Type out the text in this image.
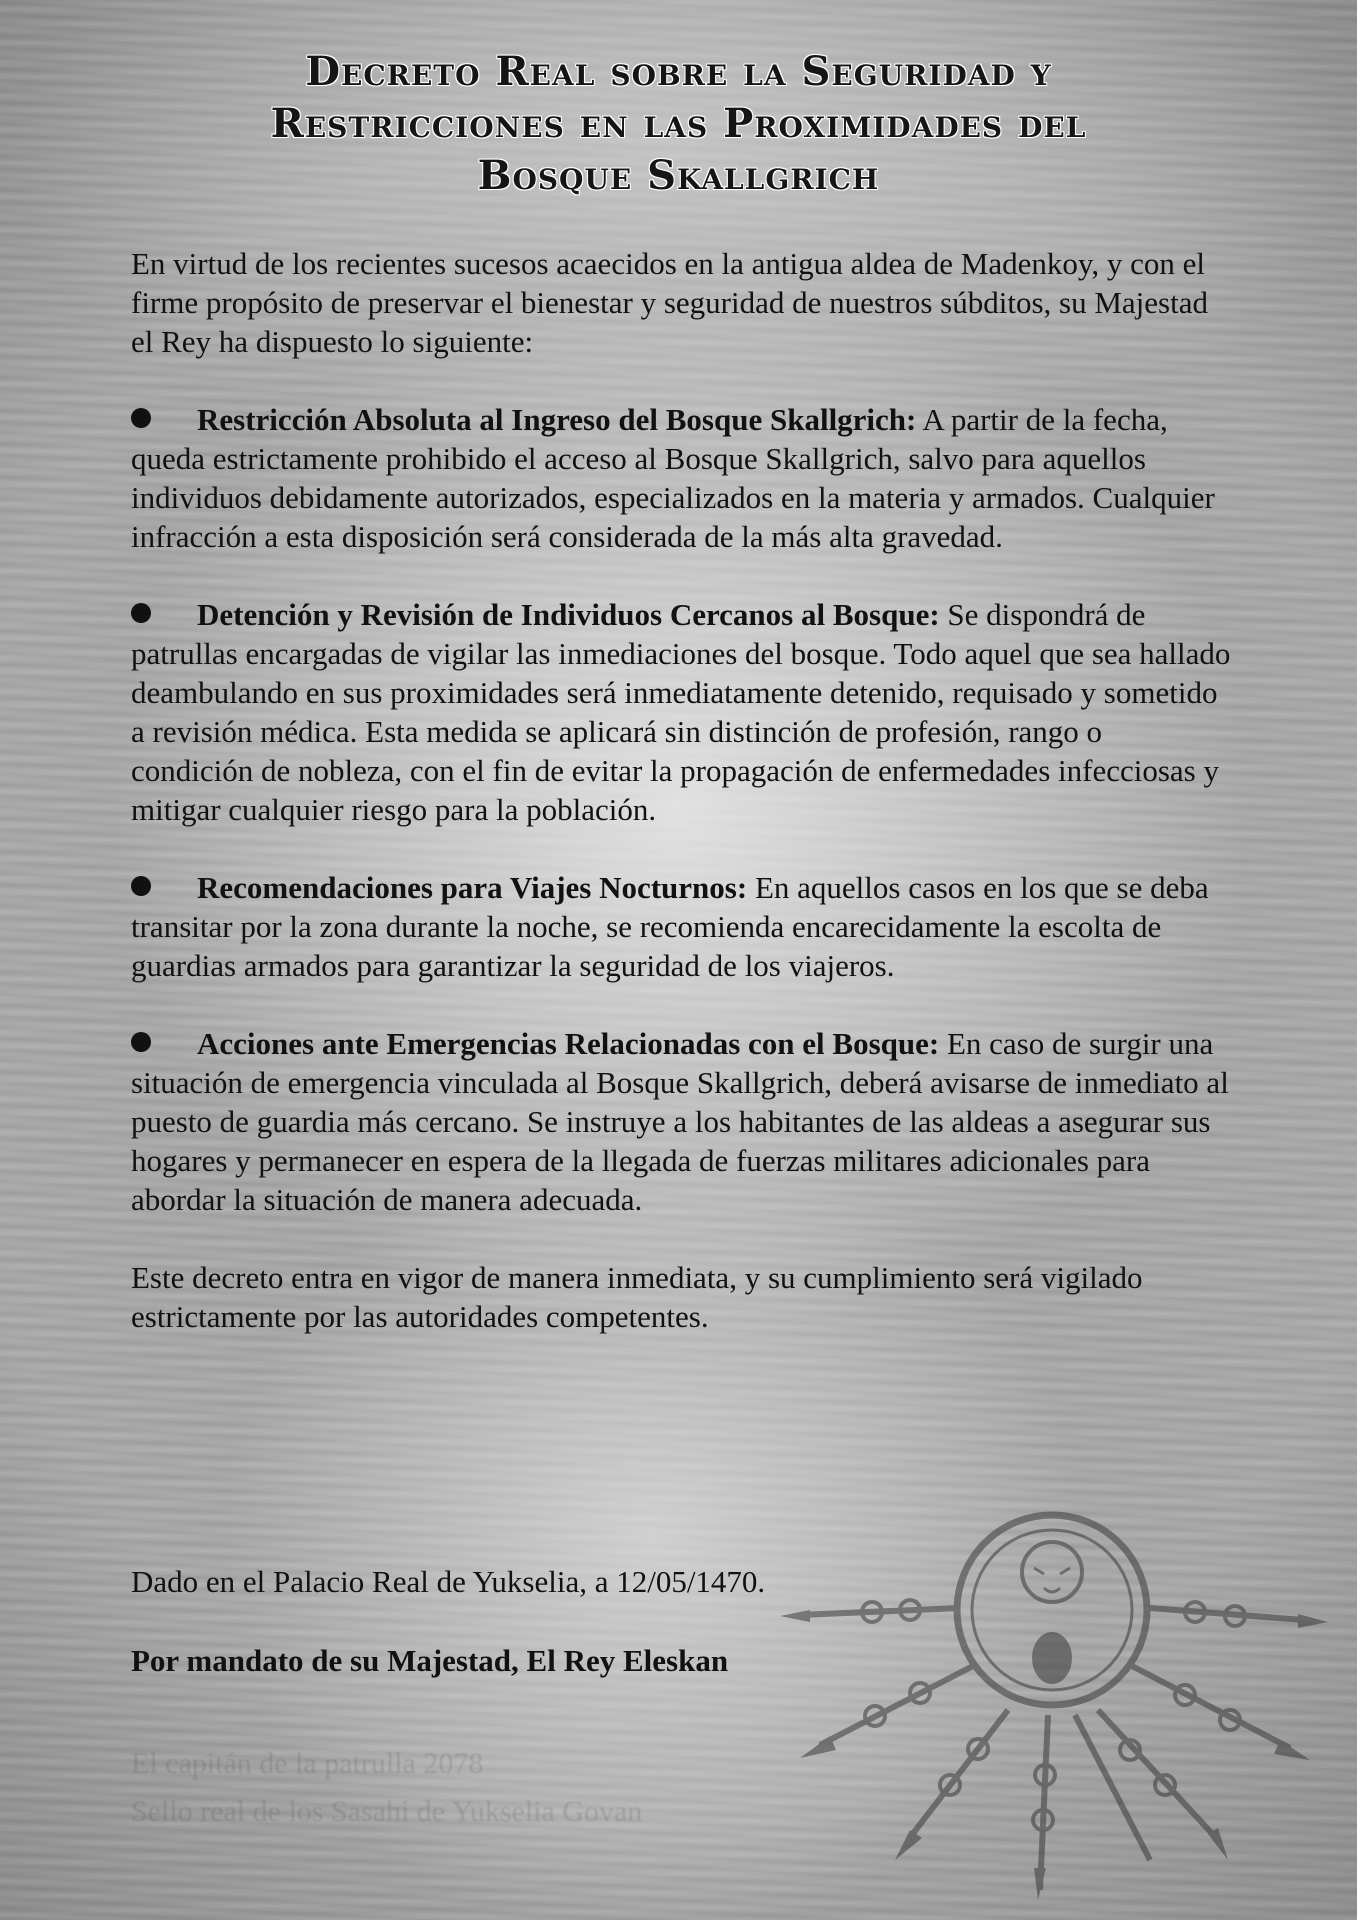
Decreto Real sobre la Seguridad y
Restricciones en las Proximidades del
Bosque Skallgrich

En virtud de los recientes sucesos acaecidos en la antigua aldea de Madenkoy, y con el firme propósito de preservar el bienestar y seguridad de nuestros súbditos, su Majestad el Rey ha dispuesto lo siguiente:

Restricción Absoluta al Ingreso del Bosque Skallgrich: A partir de la fecha, queda estrictamente prohibido el acceso al Bosque Skallgrich, salvo para aquellos individuos debidamente autorizados, especializados en la materia y armados. Cualquier infracción a esta disposición será considerada de la más alta gravedad.
Detención y Revisión de Individuos Cercanos al Bosque: Se dispondrá de patrullas encargadas de vigilar las inmediaciones del bosque. Todo aquel que sea hallado deambulando en sus proximidades será inmediatamente detenido, requisado y sometido a revisión médica. Esta medida se aplicará sin distinción de profesión, rango o condición de nobleza, con el fin de evitar la propagación de enfermedades infecciosas y mitigar cualquier riesgo para la población.
Recomendaciones para Viajes Nocturnos: En aquellos casos en los que se deba transitar por la zona durante la noche, se recomienda encarecidamente la escolta de guardias armados para garantizar la seguridad de los viajeros.
Acciones ante Emergencias Relacionadas con el Bosque: En caso de surgir una situación de emergencia vinculada al Bosque Skallgrich, deberá avisarse de inmediato al puesto de guardia más cercano. Se instruye a los habitantes de las aldeas a asegurar sus hogares y permanecer en espera de la llegada de fuerzas militares adicionales para abordar la situación de manera adecuada.

Este decreto entra en vigor de manera inmediata, y su cumplimiento será vigilado estrictamente por las autoridades competentes.

Dado en el Palacio Real de Yukselia, a 12/05/1470.
Por mandato de su Majestad, El Rey Eleskan
El capitán de la patrulla 2078
Sello real de los Sasahi de Yukselia Govan
